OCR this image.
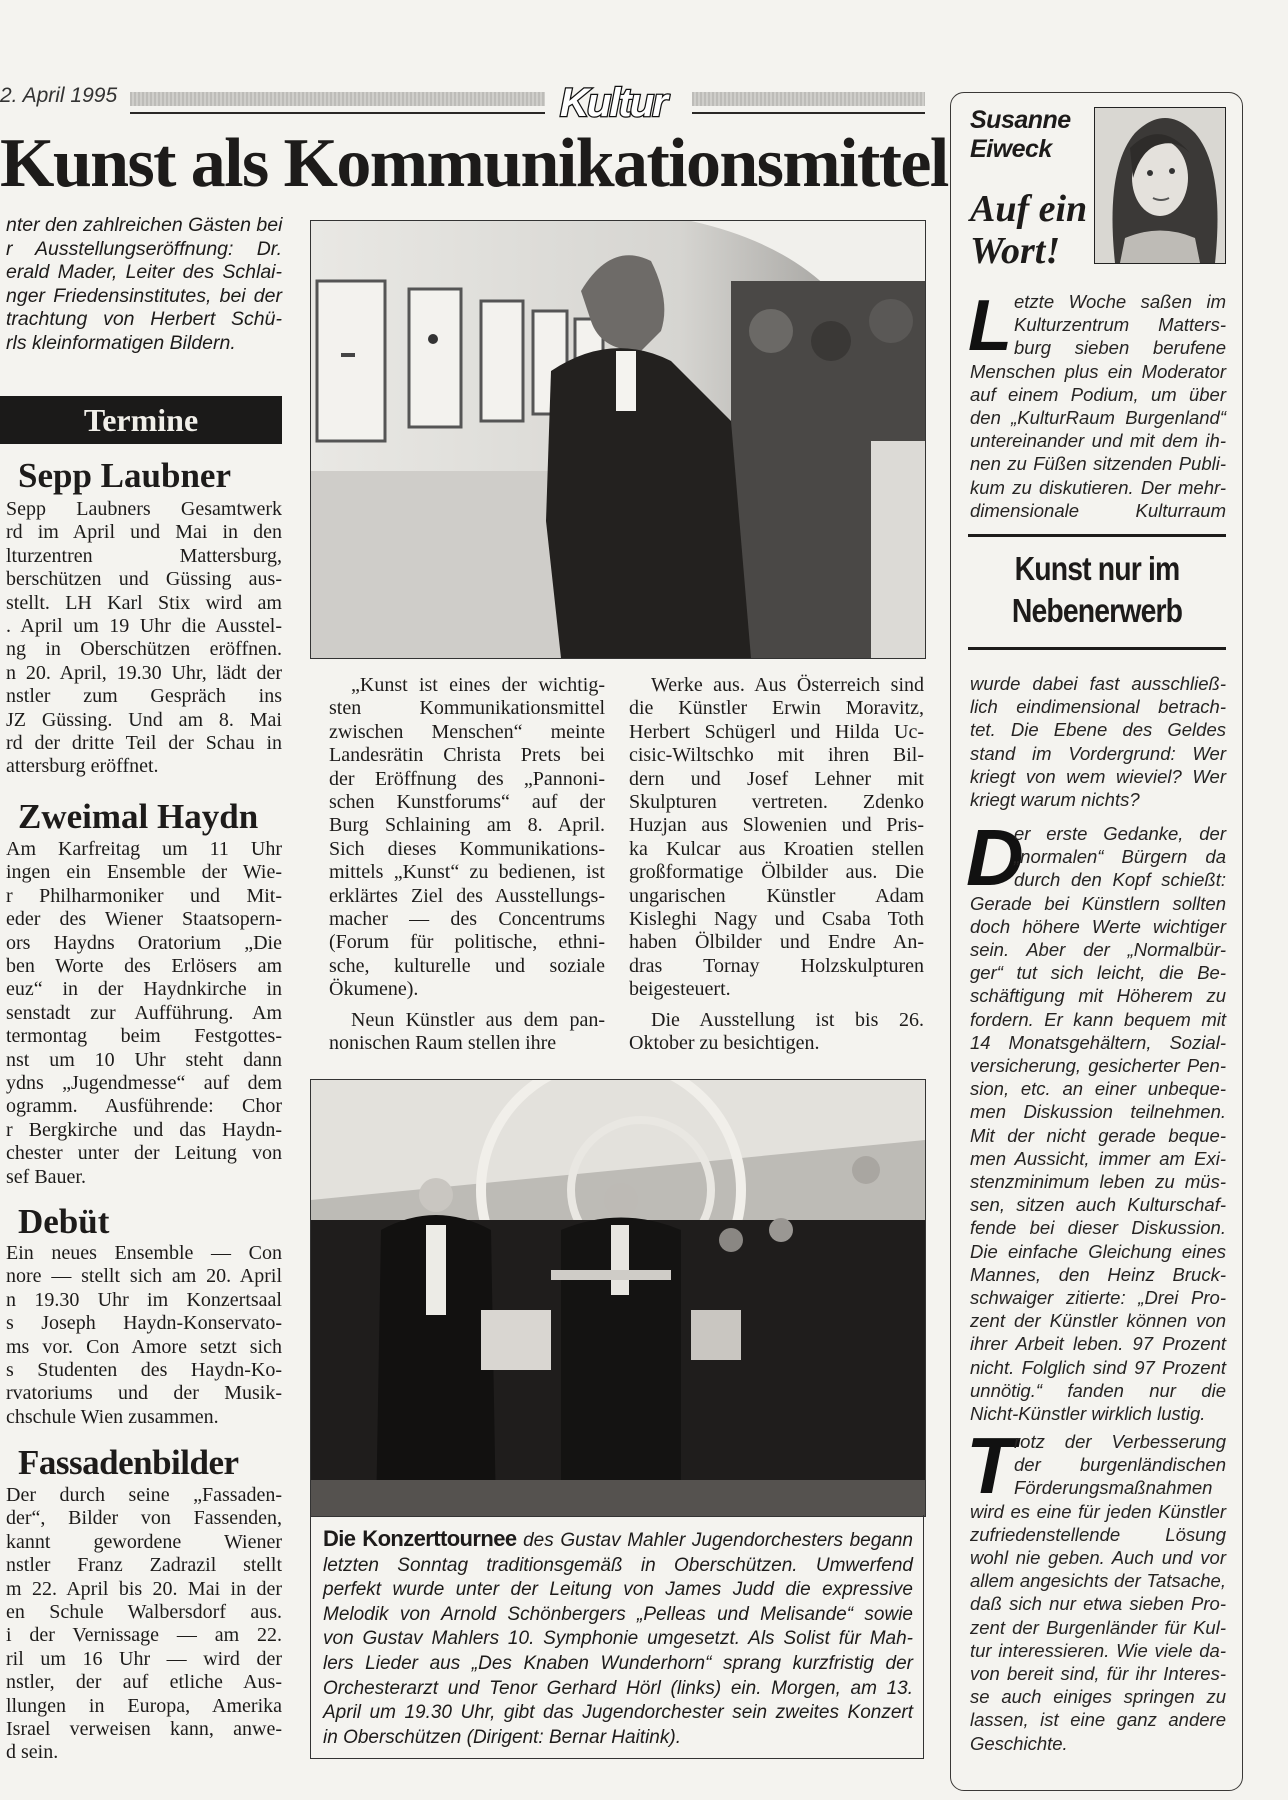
2. April 1995	Kultur
Kunst als Kommunikationsmittel
nter den zahlreichen Gästen bei
r Ausstellungseröffnung: Dr.
erald Mader, Leiter des Schlai-
nger Friedensinstitutes, bei der
trachtung von Herbert Schü-
rls kleinformatigen Bildern.
Termine
Sepp Laubner
Sepp Laubners Gesamtwerk
rd im April und Mai in den
lturzentren Mattersburg,
berschützen und Güssing aus-
stellt. LH Karl Stix wird am
. April um 19 Uhr die Ausstel-
ng in Oberschützen eröffnen.
n 20. April, 19.30 Uhr, lädt der
nstler zum Gespräch ins
JZ Güssing. Und am 8. Mai
rd der dritte Teil der Schau in
attersburg eröffnet.
Zweimal Haydn
Am Karfreitag um 11 Uhr
ingen ein Ensemble der Wie-
r Philharmoniker und Mit-
eder des Wiener Staatsopern-
ors Haydns Oratorium „Die
ben Worte des Erlösers am
euz“ in der Haydnkirche in
senstadt zur Aufführung. Am
termontag beim Festgottes-
nst um 10 Uhr steht dann
ydns „Jugendmesse“ auf dem
ogramm. Ausführende: Chor
r Bergkirche und das Haydn-
chester unter der Leitung von
sef Bauer.
Debüt
Ein neues Ensemble — Con
nore — stellt sich am 20. April
n 19.30 Uhr im Konzertsaal
s Joseph Haydn-Konservato-
ms vor. Con Amore setzt sich
s Studenten des Haydn-Ko-
rvatoriums und der Musik-
chschule Wien zusammen.
Fassadenbilder
Der durch seine „Fassaden-
der“, Bilder von Fassenden,
kannt gewordene Wiener
nstler Franz Zadrazil stellt
m 22. April bis 20. Mai in der
en Schule Walbersdorf aus.
i der Vernissage — am 22.
ril um 16 Uhr — wird der
nstler, der auf etliche Aus-
llungen in Europa, Amerika
Israel verweisen kann, anwe-
d sein.
„Kunst ist eines der wichtig-
sten Kommunikationsmittel
zwischen Menschen“ meinte
Landesrätin Christa Prets bei
der Eröffnung des „Pannoni-
schen Kunstforums“ auf der
Burg Schlaining am 8. April.
Sich dieses Kommunikations-
mittels „Kunst“ zu bedienen, ist
erklärtes Ziel des Ausstellungs-
macher — des Concentrums
(Forum für politische, ethni-
sche, kulturelle und soziale
Ökumene).
Neun Künstler aus dem pan-
nonischen Raum stellen ihre
Werke aus. Aus Österreich sind
die Künstler Erwin Moravitz,
Herbert Schügerl und Hilda Uc-
cisic-Wiltschko mit ihren Bil-
dern und Josef Lehner mit
Skulpturen vertreten. Zdenko
Huzjan aus Slowenien und Pris-
ka Kulcar aus Kroatien stellen
großformatige Ölbilder aus. Die
ungarischen Künstler Adam
Kisleghi Nagy und Csaba Toth
haben Ölbilder und Endre An-
dras Tornay Holzskulpturen
beigesteuert.
Die Ausstellung ist bis 26.
Oktober zu besichtigen.
Die Konzerttournee des Gustav Mahler Jugendorchesters begann
letzten Sonntag traditionsgemäß in Oberschützen. Umwerfend
perfekt wurde unter der Leitung von James Judd die expressive
Melodik von Arnold Schönbergers „Pelleas und Melisande“ sowie
von Gustav Mahlers 10. Symphonie umgesetzt. Als Solist für Mah-
lers Lieder aus „Des Knaben Wunderhorn“ sprang kurzfristig der
Orchesterarzt und Tenor Gerhard Hörl (links) ein. Morgen, am 13.
April um 19.30 Uhr, gibt das Jugendorchester sein zweites Konzert
in Oberschützen (Dirigent: Bernar Haitink).
Susanne
Eiweck
Auf ein
Wort!
L etzte Woche saßen im
Kulturzentrum Matters-
burg sieben berufene
Menschen plus ein Moderator
auf einem Podium, um über
den „KulturRaum Burgenland“
untereinander und mit dem ih-
nen zu Füßen sitzenden Publi-
kum zu diskutieren. Der mehr-
dimensionale Kulturraum
Kunst nur im
Nebenerwerb
wurde dabei fast ausschließ-
lich eindimensional betrach-
tet. Die Ebene des Geldes
stand im Vordergrund: Wer
kriegt von wem wieviel? Wer
kriegt warum nichts?
D
er erste Gedanke, der
„normalen“ Bürgern da
durch den Kopf schießt:
Gerade bei Künstlern sollten
doch höhere Werte wichtiger
sein. Aber der „Normalbür-
ger“ tut sich leicht, die Be-
schäftigung mit Höherem zu
fordern. Er kann bequem mit
14 Monatsgehältern, Sozial-
versicherung, gesicherter Pen-
sion, etc. an einer unbeque-
men Diskussion teilnehmen.
Mit der nicht gerade beque-
men Aussicht, immer am Exi-
stenzminimum leben zu müs-
sen, sitzen auch Kulturschaf-
fende bei dieser Diskussion.
Die einfache Gleichung eines
Mannes, den Heinz Bruck-
schwaiger zitierte: „Drei Pro-
zent der Künstler können von
ihrer Arbeit leben. 97 Prozent
nicht. Folglich sind 97 Prozent
unnötig.“ fanden nur die
Nicht-Künstler wirklich lustig.
T rotz der Verbesserung
der burgenländischen
Förderungsmaßnahmen
wird es eine für jeden Künstler
zufriedenstellende Lösung
wohl nie geben. Auch und vor
allem angesichts der Tatsache,
daß sich nur etwa sieben Pro-
zent der Burgenländer für Kul-
tur interessieren. Wie viele da-
von bereit sind, für ihr Interes-
se auch einiges springen zu
lassen, ist eine ganz andere
Geschichte.
